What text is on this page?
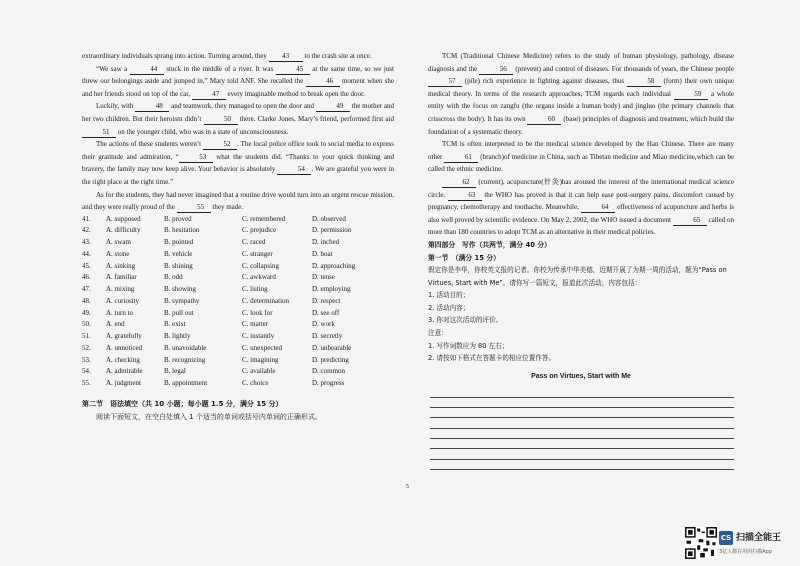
extraordinary individuals sprang into action. Turning around, they 43 to the crash site at once.

“We saw a	44 stuck in the middle of a river. It was	45 at the same time, so we just threw our belongings aside and jumped in,” Mary told ANF. She recalled the	46 moment when she and her friends stood on top of the car,	47 every imaginable method to break open the door.

Luckily, with	48 and teamwork, they managed to open the door and	49 the mother and her two children. But their heroism didn’t	50 there. Clarke Jones, Mary’s friend, performed first aid 51 on the younger child, who was in a state of unconsciousness.

The actions of these students weren’t	52 . The local police office took to social media to express their gratitude and admiration, “	53 what the students did. “Thanks to your quick thinking and bravery, the family may now keep alive. Your behavior is absolutely	54 . We are grateful you were in the right place at the right time.”

As for the students, they had never imagined that a routine drive would turn into an urgent rescue mission, and they were really proud of the	55 they made.

41.	A. supposed	B. proved	C. remembered	D. observed
42.	A. difficulty	B. hesitation	C. prejudice	D. permission
43.	A. swam	B. pointed	C. raced	D. inched
44.	A. stone	B. vehicle	C. stranger	D. boat
45.	A. sinking	B. shining	C. collapsing	D. approaching
46.	A. familiar	B. odd	C. awkward	D. tense
47.	A. mixing	B. showing	C. listing	D. employing
48.	A. curiosity	B. sympathy	C. determination	D. respect
49.	A. turn to	B. pull out	C. look for	D. see off
50.	A. end	B. exist	C. matter	D. work
51.	A. gratefully	B. lightly	C. instantly	D. secretly
52.	A. unnoticed	B. unavoidable	C. unexpected	D. unbearable
53.	A. checking	B. recognizing	C. imagining	D. predicting
54.	A. admirable	B. legal	C. available	D. common
55.	A. judgment	B. appointment	C. choice	D. progress
第二节　语法填空（共 10 小题；每小题 1.5 分，满分 15 分）
阅读下面短文，在空白处填入 1 个适当的单词或括号内单词的正确形式。

TCM (Traditional Chinese Medicine) refers to the study of human physiology, pathology, disease diagnosis and the	56 (prevent) and control of diseases. For thousands of years, the Chinese people 57 (pile) rich experience in fighting against diseases, thus	58 (form) their own unique medical theory. In terms of the research approaches, TCM regards each individual	59 a whole entity with the focus on zangfu (the organs inside a human body) and jingluo (the primary channels that crisscross the body). It has its own	60 (base) principles of diagnosis and treatment, which build the foundation of a systematic theory.

TCM is often interpreted to be the medical science developed by the Han Chinese. There are many other	61 (branch)of medicine in China, such as Tibetan medicine and Miao medicine,which can be called the ethnic medicine.

62 (current), acupuncture(针灸)has aroused the interest of the international medical science circle.	63 the WHO has proved is that it can help ease post-surgery pains, discomfort caused by pregnancy, chemotherapy and toothache. Meanwhile,	64 effectiveness of acupuncture and herbs is also well proved by scientific evidence. On May 2, 2002, the WHO issued a document	65 called on more than 180 countries to adopt TCM as an alternative in their medical policies.

第四部分　写作（共两节，满分 40 分）
第一节　（满分 15 分）
假定你是李华，你校英文报的记者。你校为传承中华美德，近期开展了为期一周的活动，题为“Pass on Virtues, Start with Me”。请你写一篇短文，报道此次活动，内容包括：
1. 活动目的；
2. 活动内容；
3. 你对这次活动的评价。
注意：
1. 写作词数应为 80 左右；
2. 请按如下格式在答题卡的相应位置作答。
Pass on Virtues, Start with Me
5
CS 扫描全能王
3亿人都在用的扫描App
